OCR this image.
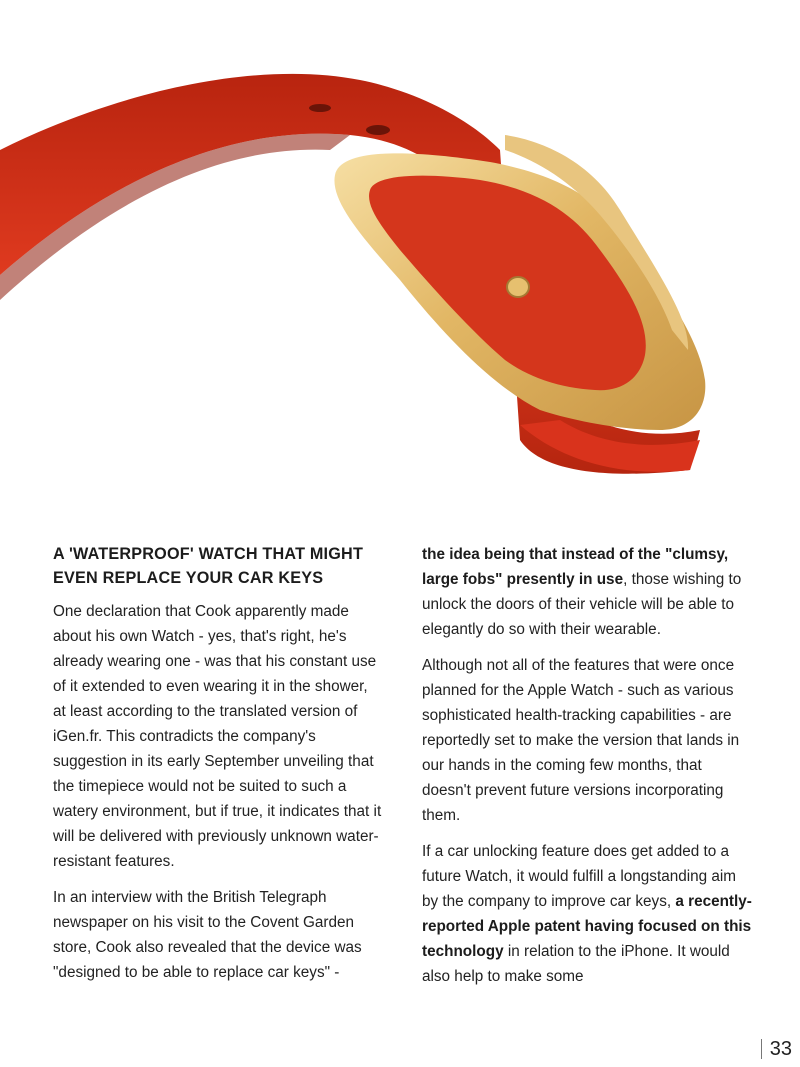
A 'WATERPROOF' WATCH THAT MIGHT
EVEN REPLACE YOUR CAR KEYS

One declaration that Cook apparently made about his own Watch - yes, that's right, he's already wearing one - was that his constant use of it extended to even wearing it in the shower, at least according to the translated version of iGen.fr. This contradicts the company's suggestion in its early September unveiling that the timepiece would not be suited to such a watery environment, but if true, it indicates that it will be delivered with previously unknown water-resistant features.

In an interview with the British Telegraph newspaper on his visit to the Covent Garden store, Cook also revealed that the device was "designed to be able to replace car keys" -

the idea being that instead of the "clumsy, large fobs" presently in use, those wishing to unlock the doors of their vehicle will be able to elegantly do so with their wearable.

Although not all of the features that were once planned for the Apple Watch - such as various sophisticated health-tracking capabilities - are reportedly set to make the version that lands in our hands in the coming few months, that doesn't prevent future versions incorporating them.

If a car unlocking feature does get added to a future Watch, it would fulfill a longstanding aim by the company to improve car keys, a recently-reported Apple patent having focused on this technology in relation to the iPhone. It would also help to make some

33
